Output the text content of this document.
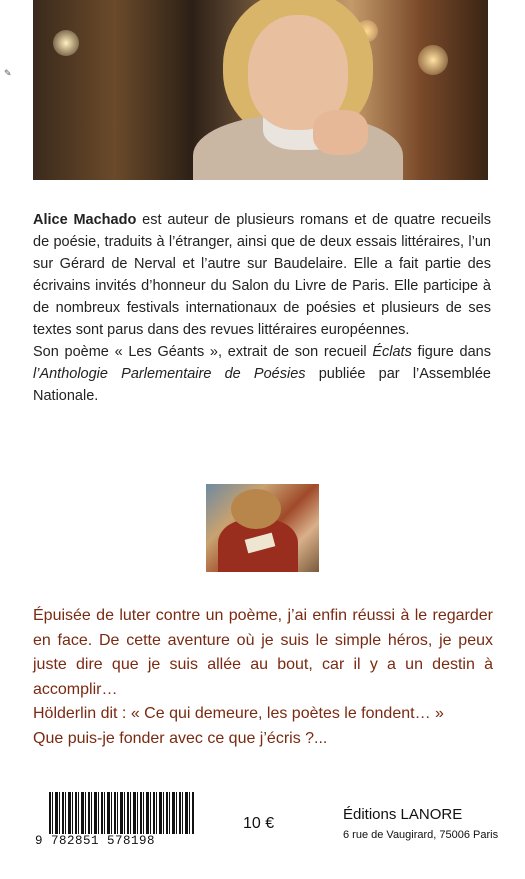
✎

Alice Machado est auteur de plusieurs romans et de quatre recueils de poésie, traduits à l’étranger, ainsi que de deux essais littéraires, l’un sur Gérard de Nerval et l’autre sur Baudelaire. Elle a fait partie des écrivains invités d’honneur du Salon du Livre de Paris. Elle participe à de nombreux festivals internationaux de poésies et plusieurs de ses textes sont parus dans des revues littéraires européennes.

Son poème « Les Géants », extrait de son recueil Éclats figure dans l’Anthologie Parlementaire de Poésies publiée par l’Assemblée Nationale.

Épuisée de luter contre un poème, j’ai enfin réussi à le regarder en face. De cette aventure où je suis le simple héros, je peux juste dire que je suis allée au bout, car il y a un destin à accomplir…

Hölderlin dit : « Ce qui demeure, les poètes le fondent… »

Que puis-je fonder avec ce que j’écris ?...

9 782851 578198
10 €
Éditions LANORE
6 rue de Vaugirard, 75006 Paris
